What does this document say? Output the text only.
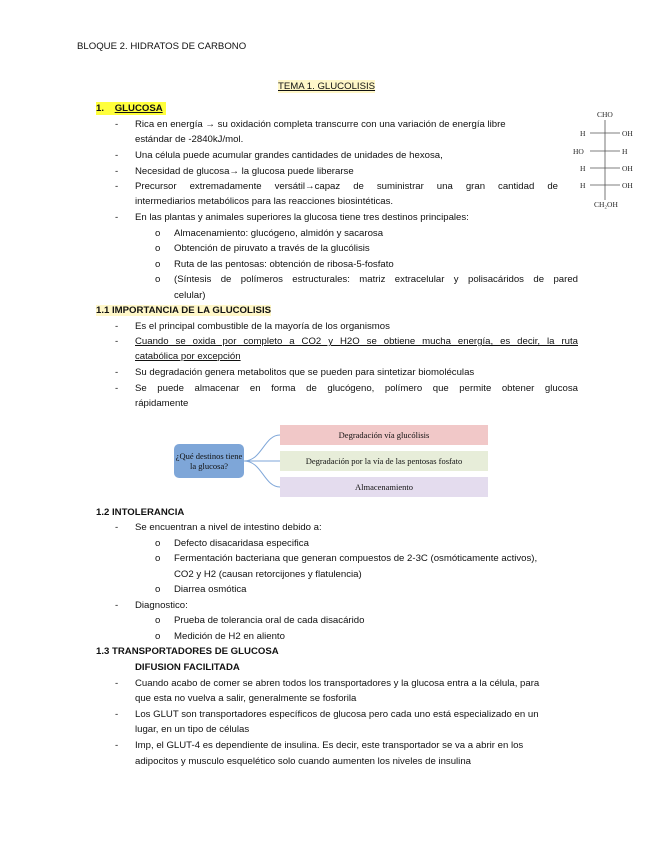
BLOQUE 2. HIDRATOS DE CARBONO
TEMA 1. GLUCOLISIS
1. GLUCOSA
- Rica en energía → su oxidación completa transcurre con una variación de energía libre
estándar de -2840kJ/mol.
- Una célula puede acumular grandes cantidades de unidades de hexosa,
- Necesidad de glucosa→ la glucosa puede liberarse
- Precursor extremadamente versátil→capaz de suministrar una gran cantidad de
intermediarios metabólicos para las reacciones biosintéticas.
- En las plantas y animales superiores la glucosa tiene tres destinos principales:
o Almacenamiento: glucógeno, almidón y sacarosa
o Obtención de piruvato a través de la glucólisis
o Ruta de las pentosas: obtención de ribosa-5-fosfato
o (Síntesis de polímeros estructurales: matriz extracelular y polisacáridos de pared
celular)
CHO
H	OH
HO	H
H	OH
H	OH
CH₂OH
1.1 IMPORTANCIA DE LA GLUCOLISIS
- Es el principal combustible de la mayoría de los organismos
- Cuando se oxida por completo a CO2 y H2O se obtiene mucha energía, es decir, la ruta
catabólica por excepción
- Su degradación genera metabolitos que se pueden para sintetizar biomoléculas
- Se puede almacenar en forma de glucógeno, polímero que permite obtener glucosa
rápidamente
¿Qué destinos tiene la glucosa?
Degradación vía glucólisis
Degradación por la vía de las pentosas fosfato
Almacenamiento
1.2 INTOLERANCIA
- Se encuentran a nivel de intestino debido a:
o Defecto disacaridasa especifica
o Fermentación bacteriana que generan compuestos de 2-3C (osmóticamente activos),
CO2 y H2 (causan retorcijones y flatulencia)
o Diarrea osmótica
- Diagnostico:
o Prueba de tolerancia oral de cada disacárido
o Medición de H2 en aliento
1.3 TRANSPORTADORES DE GLUCOSA
DIFUSION FACILITADA
- Cuando acabo de comer se abren todos los transportadores y la glucosa entra a la célula, para
que esta no vuelva a salir, generalmente se fosforila
- Los GLUT son transportadores específicos de glucosa pero cada uno está especializado en un
lugar, en un tipo de células
- Imp, el GLUT-4 es dependiente de insulina. Es decir, este transportador se va a abrir en los
adipocitos y musculo esquelético solo cuando aumenten los niveles de insulina
